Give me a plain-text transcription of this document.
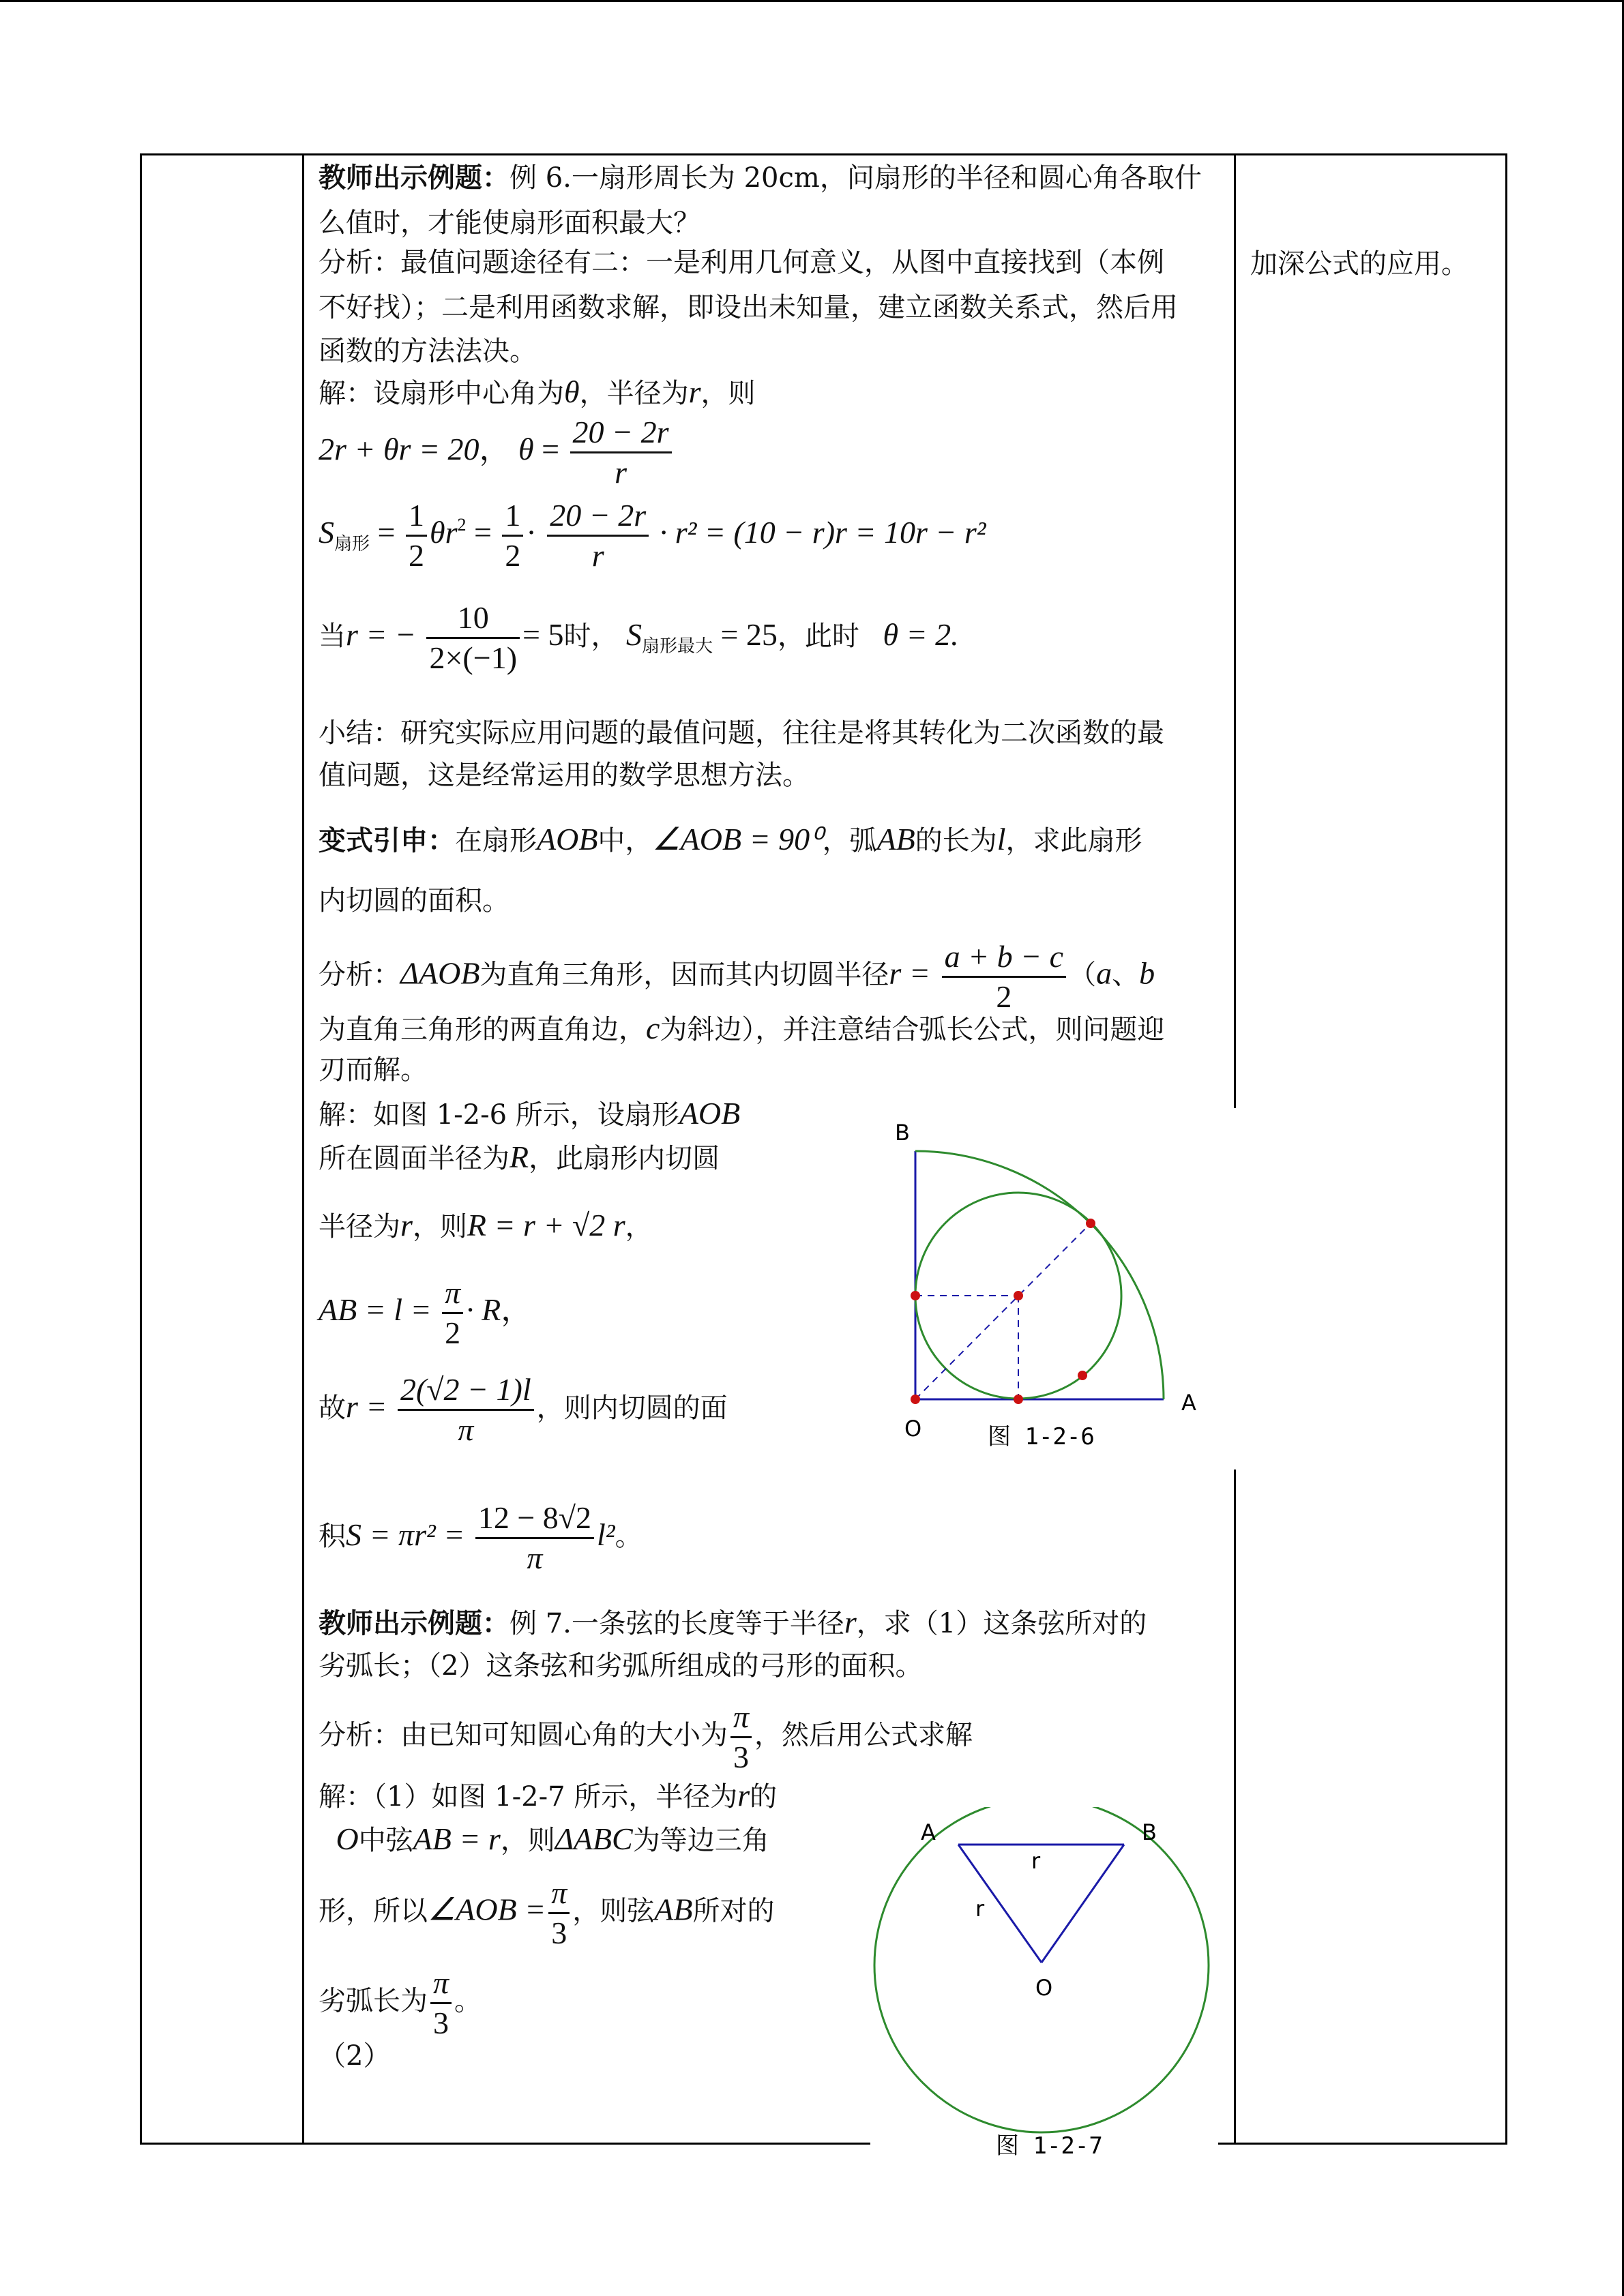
加深公式的应用。
教师出示例题：例 6.一扇形周长为 20cm，问扇形的半径和圆心角各取什
么值时，才能使扇形面积最大？
分析：最值问题途径有二：一是利用几何意义，从图中直接找到（本例
不好找）；二是利用函数求解，即设出未知量，建立函数关系式，然后用
函数的方法法决。
解：设扇形中心角为θ，半径为r，则
2r + θr = 20， $\theta = \frac{20 - 2r}{r}$
$S_{扇形} = \frac{1}{2} \theta r^2 = \frac{1}{2} \cdot \frac{20 - 2r}{r} \cdot r^2 = (10 - r)r = 10r - r^2$
当r = − $\frac{10}{2\times(-1)} = 5$时， $S_{扇形最大} = 25$，此时 θ = 2.
小结：研究实际应用问题的最值问题，往往是将其转化为二次函数的最
值问题，这是经常运用的数学思想方法。
变式引申：在扇形AOB中，∠AOB = 90⁰，弧AB的长为l，求此扇形
内切圆的面积。
分析：ΔAOB为直角三角形，因而其内切圆半径$r = \frac{a + b - c}{2} (a$、b
为直角三角形的两直角边，c为斜边），并注意结合弧长公式，则问题迎
刃而解。
解：如图 1-2-6 所示，设扇形AOB
所在圆面半径为R，此扇形内切圆
半径为r，则R = r + √2 r，
AB = $l = \frac{\pi}{2} \cdot R$，
故$r = \frac{2(√2 - 1)l}{\pi}$ ，则内切圆的面
积$S = \pi r^2 = \frac{12 - 8√2}{\pi} l^2$。
B
O
A
图 1-2-6
教师出示例题：例 7.一条弦的长度等于半径r，求（1）这条弦所对的
劣弧长；（2）这条弦和劣弧所组成的弓形的面积。
分析：由已知可知圆心角的大小为 $\frac{\pi}{3}$ ，然后用公式求解
解：（1）如图 1-2-7 所示，半径为r的
O中弦AB = r，则ΔABC为等边三角
形，所以∠AOB = $\frac{\pi}{3}$ ，则弦AB所对的
劣弧长为 $\frac{\pi}{3}$ 。
（2）
A	B
O
r
r
图 1-2-7
